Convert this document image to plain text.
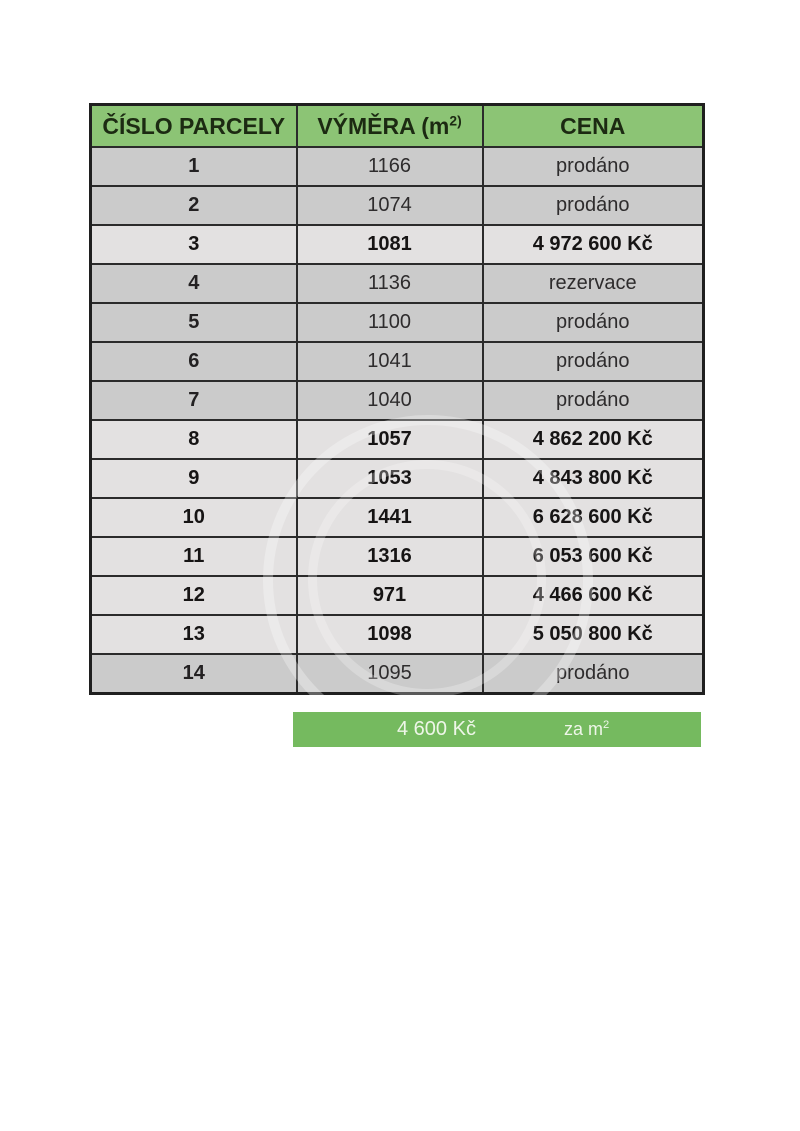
ČÍSLO PARCELY	VÝMĚRA ($m^{2)}$	CENA
1	1166	prodáno
2	1074	prodáno
3	1081	4 972 600 Kč
4	1136	rezervace
5	1100	prodáno
6	1041	prodáno
7	1040	prodáno
8	1057	4 862 200 Kč
9	1053	4 843 800 Kč
10	1441	6 628 600 Kč
11	1316	6 053 600 Kč
12	971	4 466 600 Kč
13	1098	5 050 800 Kč
14	1095	prodáno
4 600 Kč	za $m^2$
